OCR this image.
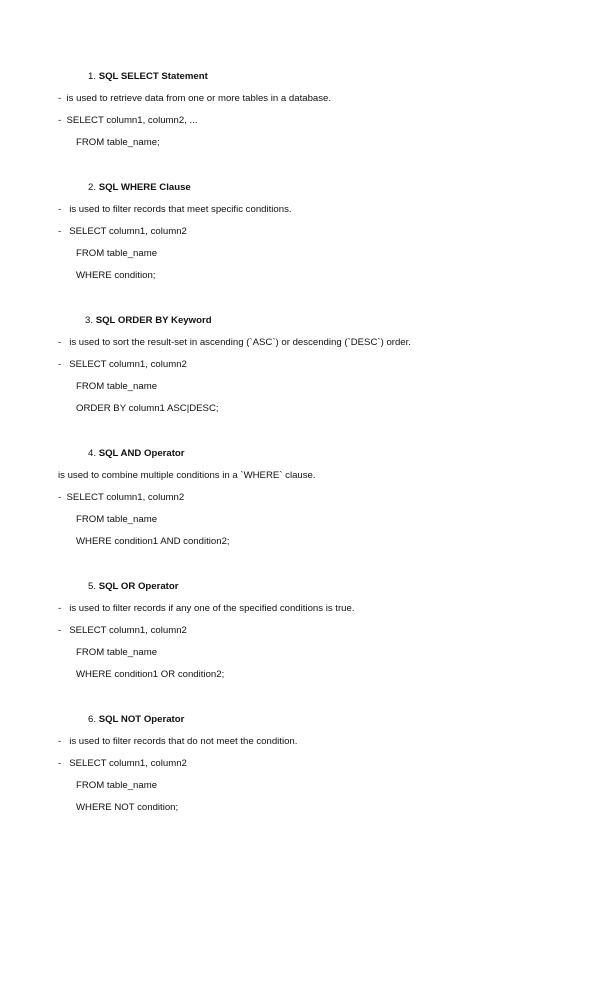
1. SQL SELECT Statement
-  is used to retrieve data from one or more tables in a database.
-  SELECT column1, column2, ...
FROM table_name;
2. SQL WHERE Clause
-   is used to filter records that meet specific conditions.
-   SELECT column1, column2
FROM table_name
WHERE condition;
3. SQL ORDER BY Keyword
-   is used to sort the result-set in ascending (`ASC`) or descending (`DESC`) order.
-   SELECT column1, column2
FROM table_name
ORDER BY column1 ASC|DESC;
4. SQL AND Operator
is used to combine multiple conditions in a `WHERE` clause.
-  SELECT column1, column2
FROM table_name
WHERE condition1 AND condition2;
5. SQL OR Operator
-   is used to filter records if any one of the specified conditions is true.
-   SELECT column1, column2
FROM table_name
WHERE condition1 OR condition2;
6. SQL NOT Operator
-   is used to filter records that do not meet the condition.
-   SELECT column1, column2
FROM table_name
WHERE NOT condition;
